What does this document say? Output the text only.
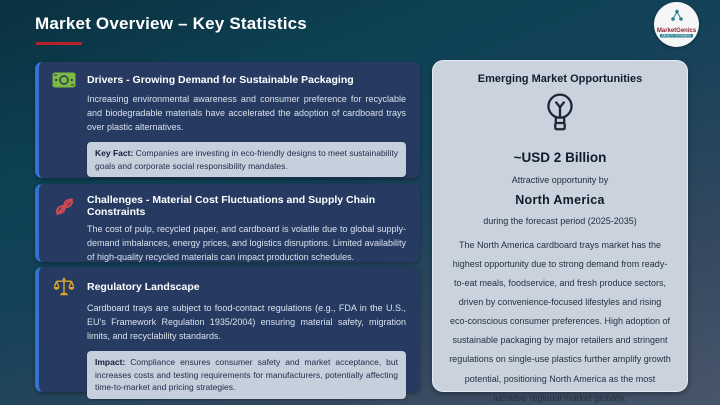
Market Overview – Key Statistics	MarketGenics
Ideas to Innovation
Drivers - Growing Demand for Sustainable Packaging

Increasing environmental awareness and consumer preference for recyclable and biodegradable materials have accelerated the adoption of cardboard trays over plastic alternatives.

Key Fact: Companies are investing in eco-friendly designs to meet sustainability goals and corporate social responsibility mandates.
Challenges - Material Cost Fluctuations and Supply Chain Constraints

The cost of pulp, recycled paper, and cardboard is volatile due to global supply-demand imbalances, energy prices, and logistics disruptions. Limited availability of high-quality recycled materials can impact production schedules.

Regulatory Landscape

Cardboard trays are subject to food-contact regulations (e.g., FDA in the U.S., EU’s Framework Regulation 1935/2004) ensuring material safety, migration limits, and recyclability standards.

Impact: Compliance ensures consumer safety and market acceptance, but increases costs and testing requirements for manufacturers, potentially affecting time-to-market and pricing strategies.
Emerging Market Opportunities
~USD 2 Billion
Attractive opportunity by
North America
during the forecast period (2025-2035)
The North America cardboard trays market has the highest opportunity due to strong demand from ready-to-eat meals, foodservice, and fresh produce sectors, driven by convenience-focused lifestyles and rising eco-conscious consumer preferences. High adoption of sustainable packaging by major retailers and stringent regulations on single-use plastics further amplify growth potential, positioning North America as the most lucrative regional market globally.
